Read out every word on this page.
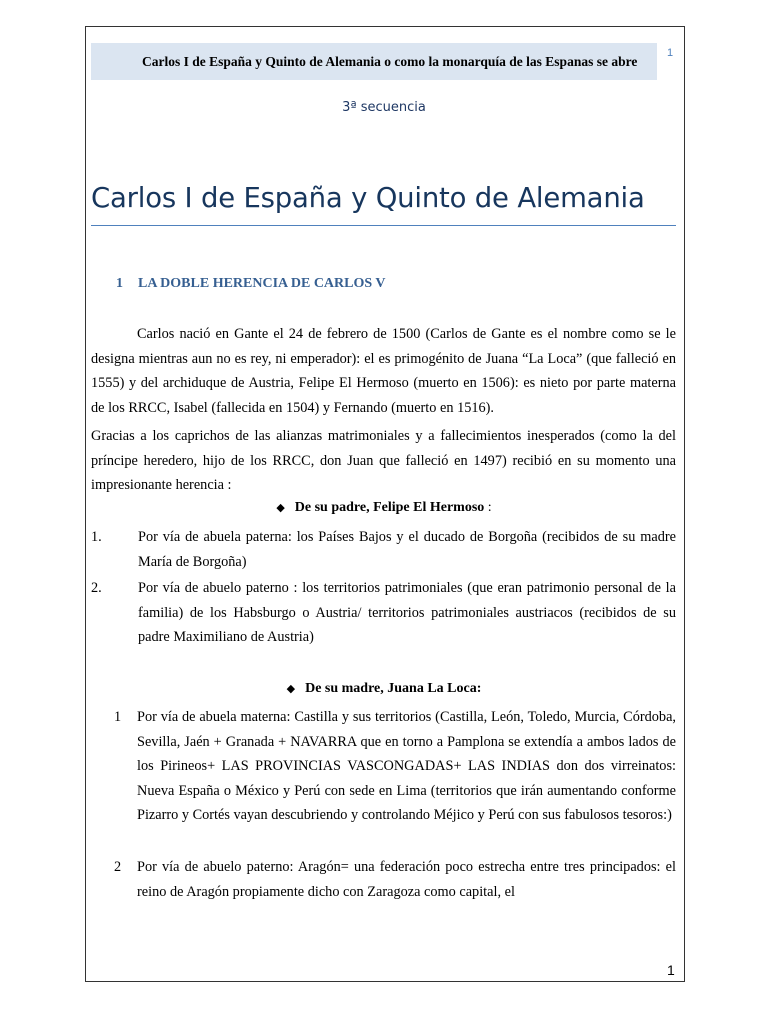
Carlos I de España y Quinto de Alemania o como la monarquía de las Espanas se abre
1
3ª secuencia
Carlos I de España y Quinto de Alemania
1 LA DOBLE HERENCIA DE CARLOS V
Carlos nació en Gante el 24 de febrero de 1500 (Carlos de Gante es el nombre como se le designa mientras aun no es rey, ni emperador): el es primogénito de Juana “La Loca” (que falleció en 1555) y del archiduque de Austria, Felipe El Hermoso (muerto en 1506): es nieto por parte materna de los RRCC, Isabel (fallecida en 1504) y Fernando (muerto en 1516).
Gracias a los caprichos de las alianzas matrimoniales y a fallecimientos inesperados (como la del príncipe heredero, hijo de los RRCC, don Juan que falleció en 1497) recibió en su momento una impresionante herencia :
◆ De su padre, Felipe El Hermoso :
1.	Por vía de abuela paterna: los Países Bajos y el ducado de Borgoña (recibidos de su madre María de Borgoña)
2.	Por vía de abuelo paterno : los territorios patrimoniales (que eran patrimonio personal de la familia) de los Habsburgo o Austria/ territorios patrimoniales austriacos (recibidos de su padre Maximiliano de Austria)
◆ De su madre, Juana La Loca:
1 Por vía de abuela materna: Castilla y sus territorios (Castilla, León, Toledo, Murcia, Córdoba, Sevilla, Jaén + Granada + NAVARRA que en torno a Pamplona se extendía a ambos lados de los Pirineos+ LAS PROVINCIAS VASCONGADAS+ LAS INDIAS don dos virreinatos: Nueva España o México y Perú con sede en Lima (territorios que irán aumentando conforme Pizarro y Cortés vayan descubriendo y controlando Méjico y Perú con sus fabulosos tesoros:)
2 Por vía de abuelo paterno: Aragón= una federación poco estrecha entre tres principados: el reino de Aragón propiamente dicho con Zaragoza como capital, el
1
